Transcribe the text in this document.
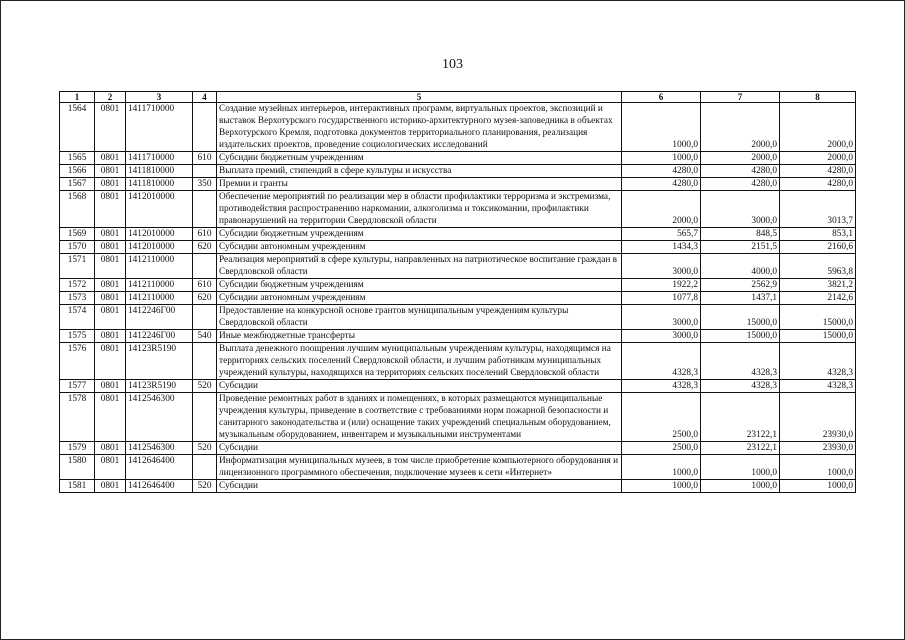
103
1	2	3	4	5	6	7	8
1564	0801	1411710000		Создание музейных интерьеров, интерактивных программ, виртуальных проектов, экспозиций и выставок Верхотурского государственного историко-архитектурного музея-заповедника в объектах Верхотурского Кремля, подготовка документов территориального планирования, реализация издательских проектов, проведение социологических исследований	1000,0	2000,0	2000,0
1565	0801	1411710000	610	Субсидии бюджетным учреждениям	1000,0	2000,0	2000,0
1566	0801	1411810000		Выплата премий, стипендий в сфере культуры и искусства	4280,0	4280,0	4280,0
1567	0801	1411810000	350	Премии и гранты	4280,0	4280,0	4280,0
1568	0801	1412010000		Обеспечение мероприятий по реализации мер в области профилактики терроризма и экстремизма, противодействия распространению наркомании, алкоголизма и токсикомании, профилактики правонарушений на территории Свердловской области	2000,0	3000,0	3013,7
1569	0801	1412010000	610	Субсидии бюджетным учреждениям	565,7	848,5	853,1
1570	0801	1412010000	620	Субсидии автономным учреждениям	1434,3	2151,5	2160,6
1571	0801	1412110000		Реализация мероприятий в сфере культуры, направленных на патриотическое воспитание граждан в Свердловской области	3000,0	4000,0	5963,8
1572	0801	1412110000	610	Субсидии бюджетным учреждениям	1922,2	2562,9	3821,2
1573	0801	1412110000	620	Субсидии автономным учреждениям	1077,8	1437,1	2142,6
1574	0801	1412246Г00		Предоставление на конкурсной основе грантов муниципальным учреждениям культуры Свердловской области	3000,0	15000,0	15000,0
1575	0801	1412246Г00	540	Иные межбюджетные трансферты	3000,0	15000,0	15000,0
1576	0801	14123R5190		Выплата денежного поощрения лучшим муниципальным учреждениям культуры, находящимся на территориях сельских поселений Свердловской области, и лучшим работникам муниципальных учреждений культуры, находящихся на территориях сельских поселений Свердловской области	4328,3	4328,3	4328,3
1577	0801	14123R5190	520	Субсидии	4328,3	4328,3	4328,3
1578	0801	1412546300		Проведение ремонтных работ в зданиях и помещениях, в которых размещаются муниципальные учреждения культуры, приведение в соответствие с требованиями норм пожарной безопасности и санитарного законодательства и (или) оснащение таких учреждений специальным оборудованием, музыкальным оборудованием, инвентарем и музыкальными инструментами	2500,0	23122,1	23930,0
1579	0801	1412546300	520	Субсидии	2500,0	23122,1	23930,0
1580	0801	1412646400		Информатизация муниципальных музеев, в том числе приобретение компьютерного оборудования и лицензионного программного обеспечения, подключение музеев к сети «Интернет»	1000,0	1000,0	1000,0
1581	0801	1412646400	520	Субсидии	1000,0	1000,0	1000,0
